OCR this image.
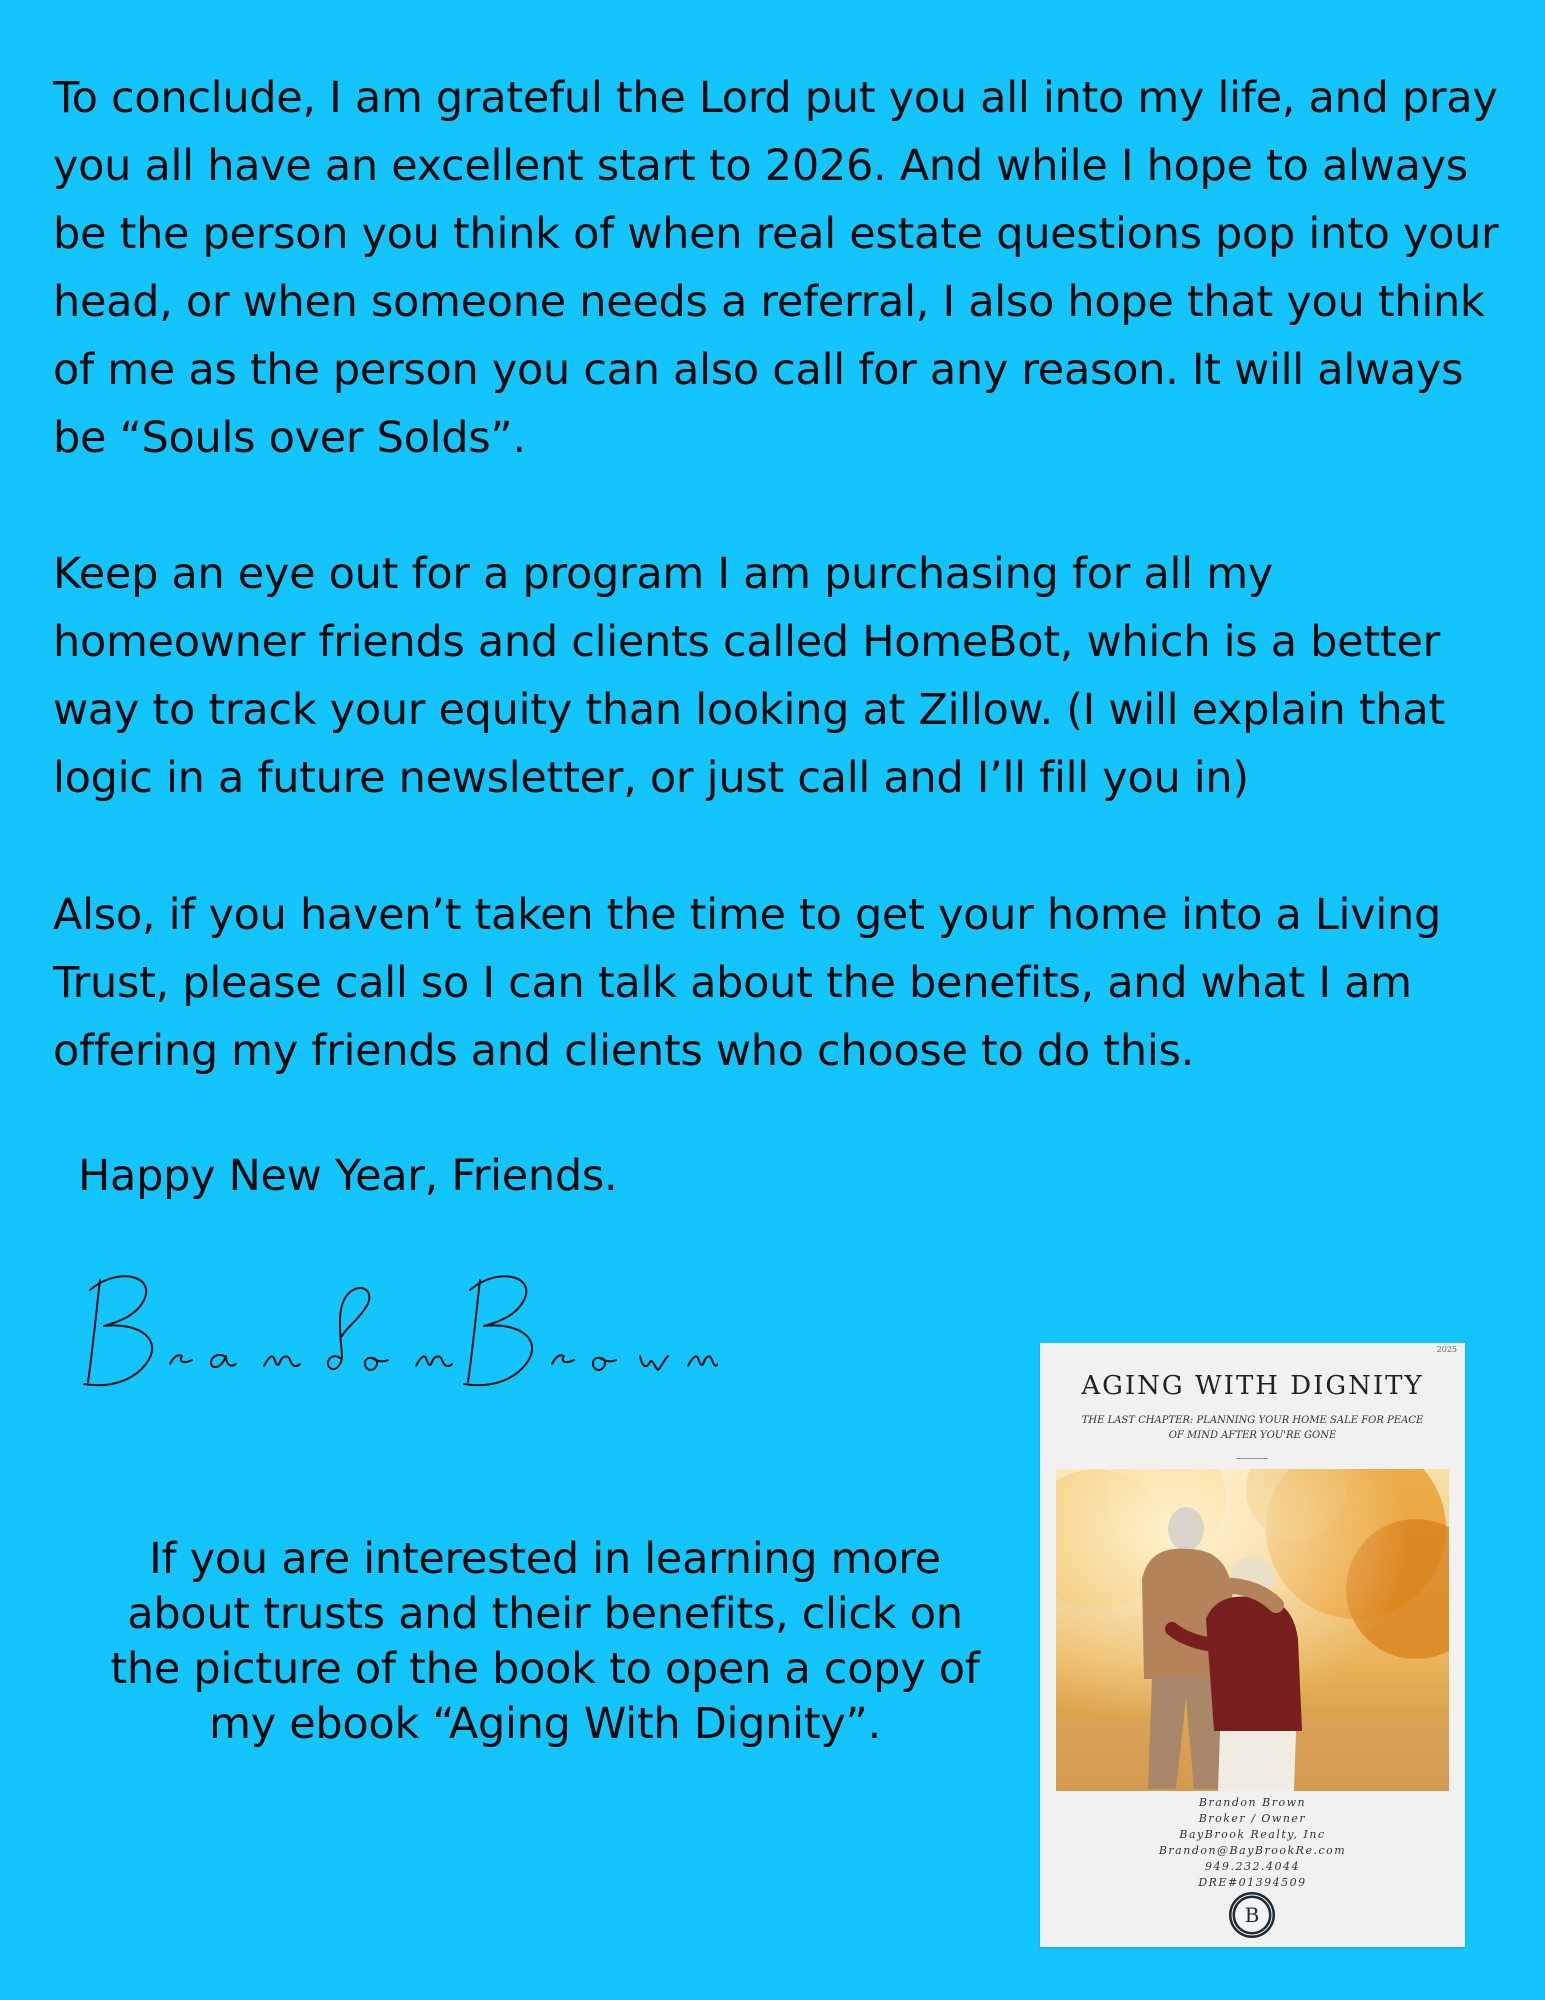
To conclude, I am grateful the Lord put you all into my life, and pray you all have an excellent start to 2026. And while I hope to always be the person you think of when real estate questions pop into your head, or when someone needs a referral, I also hope that you think of me as the person you can also call for any reason. It will always be “Souls over Solds”.

Keep an eye out for a program I am purchasing for all my homeowner friends and clients called HomeBot, which is a better way to track your equity than looking at Zillow. (I will explain that logic in a future newsletter, or just call and I’ll fill you in)

Also, if you haven’t taken the time to get your home into a Living Trust, please call so I can talk about the benefits, and what I am offering my friends and clients who choose to do this.

Happy New Year, Friends.
If you are interested in learning more about trusts and their benefits, click on the picture of the book to open a copy of my ebook “Aging With Dignity”.
2025
AGING WITH DIGNITY
THE LAST CHAPTER: PLANNING YOUR HOME SALE FOR PEACE OF MIND AFTER YOU'RE GONE
Brandon Brown
Broker / Owner
BayBrook Realty, Inc
Brandon@BayBrookRe.com
949.232.4044
DRE#01394509
B
